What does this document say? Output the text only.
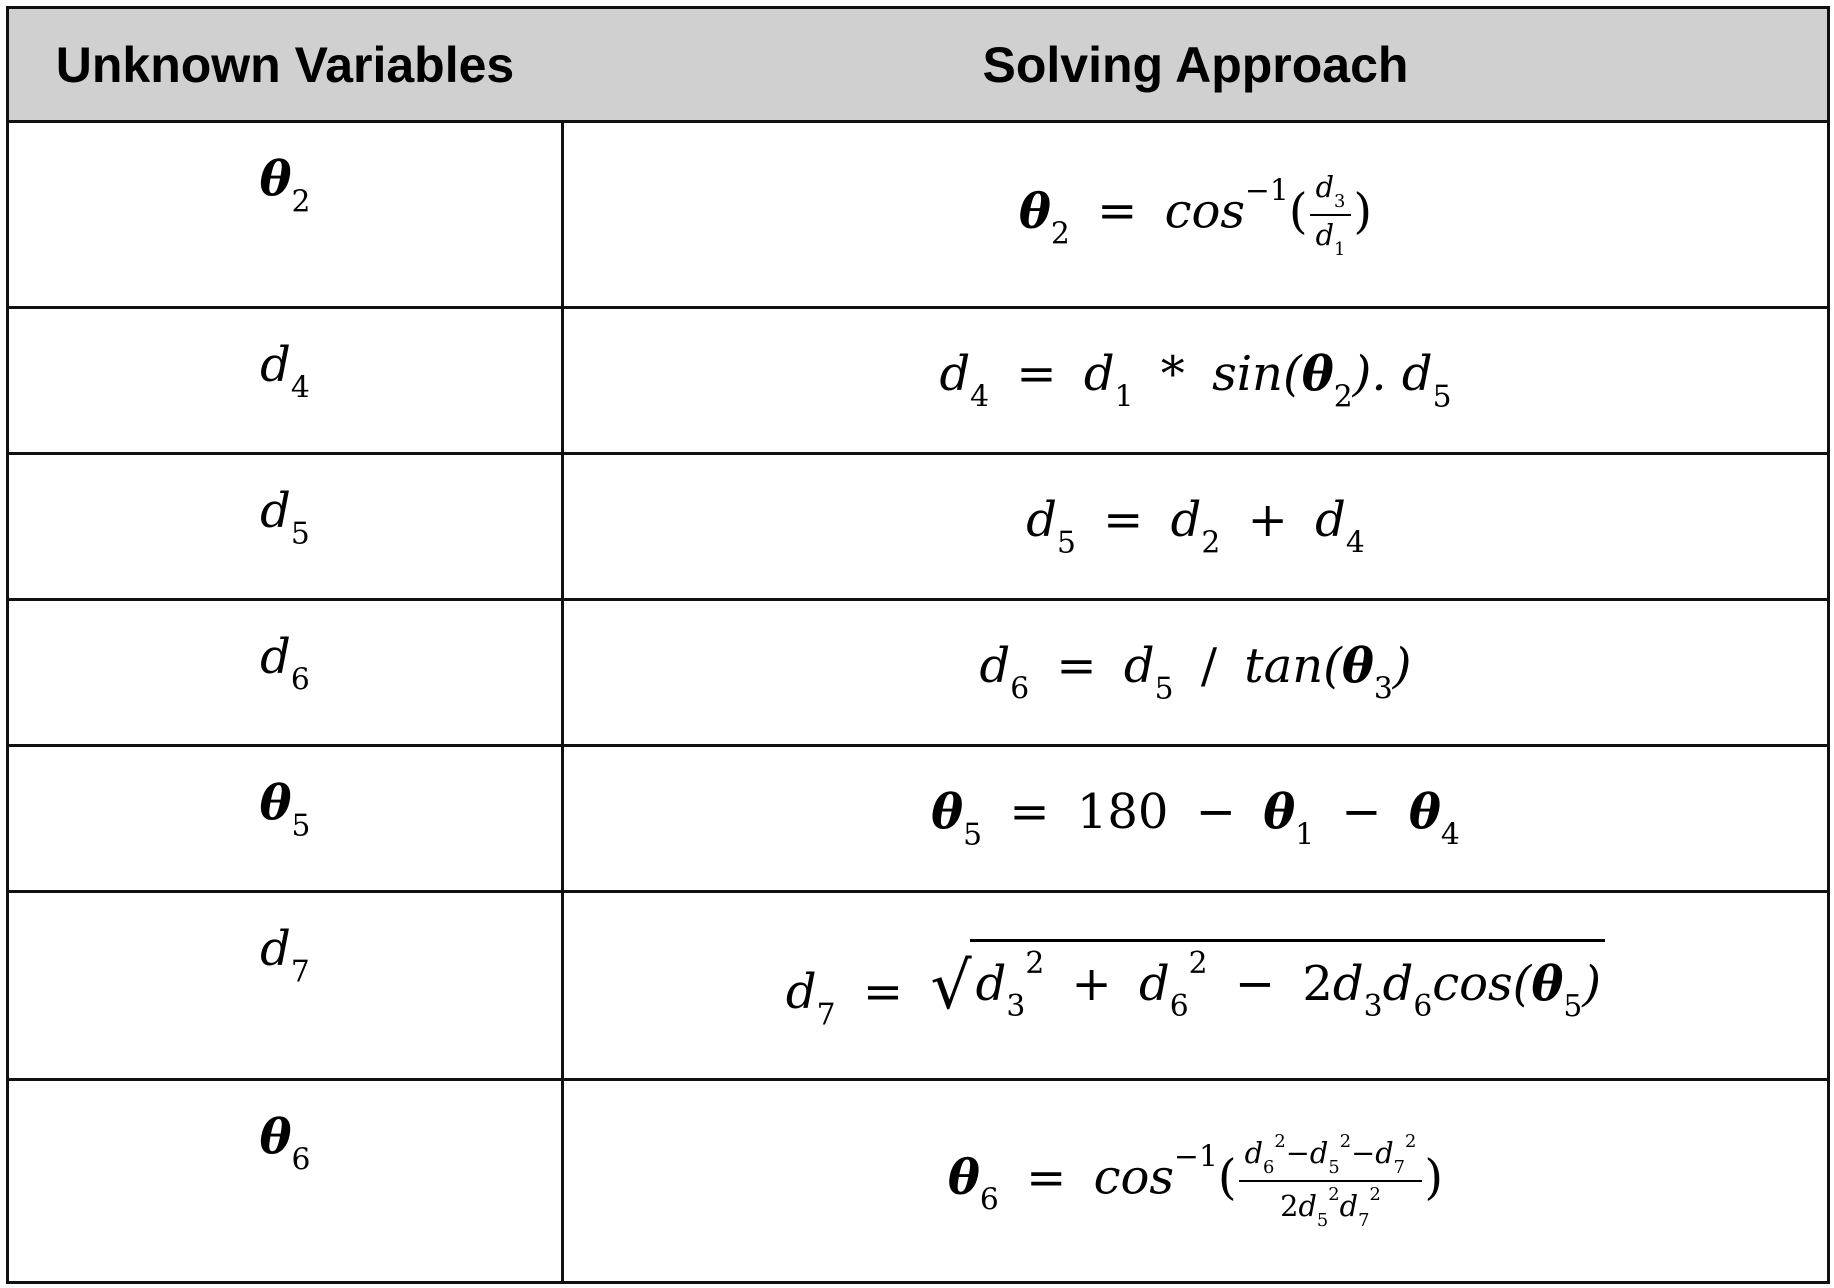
Unknown Variables	Solving Approach
$\theta_2$	$\theta_2 = \cos^{-1}( \frac{d_3}{d_1}$ )
$d_4$	$d_4 = d_1 * \sin(\theta_2)$. $d_5$
$d_5$	$d_5 = d_2 + d_4$
$d_6$	$d_6 = d_5 / \tan(\theta_3)$
$\theta_5$	$\theta_5 = 180 - \theta_1 - \theta_4$
$d_7$	$d_7$ = √ $d_3^2 + d_6^2 - 2d_3d_6\cos(\theta_5)$
$\theta_6$	$\theta_6 = \cos^{-1}( \frac{d_6^2-d_5^2-d_7^2}{2d_5^2d_7^2}$ )
